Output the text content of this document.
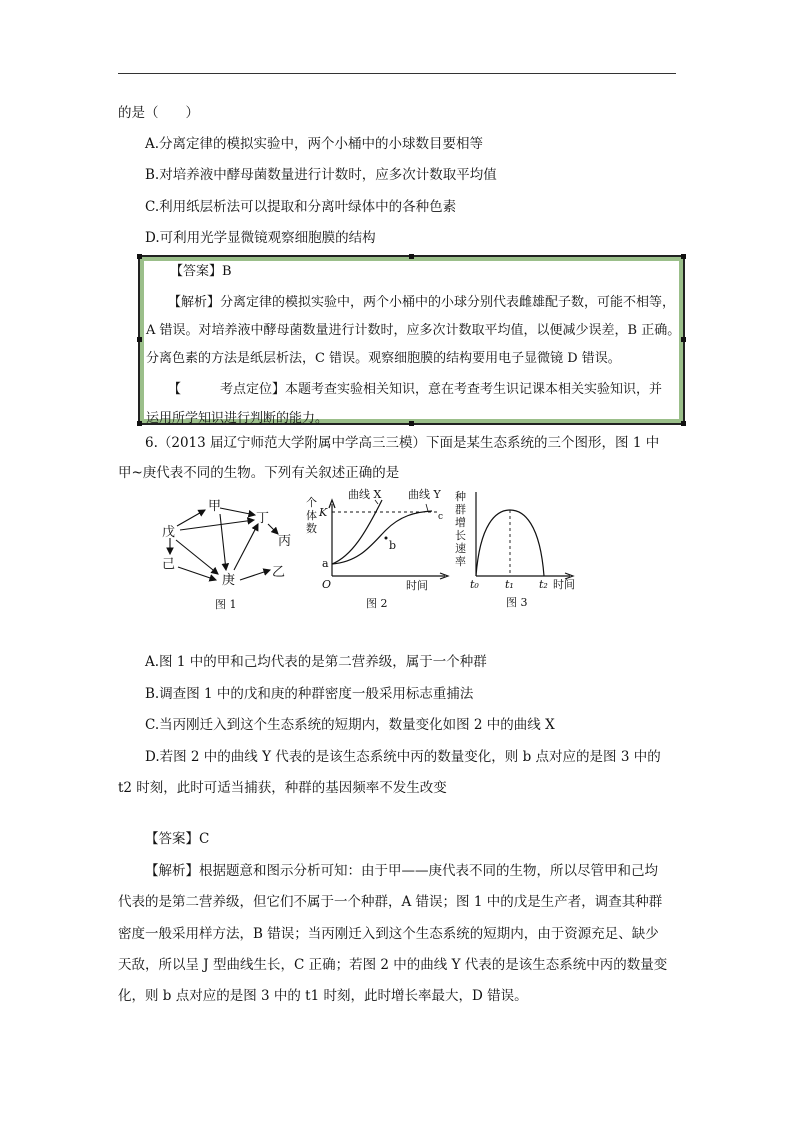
的是（　　）
A.分离定律的模拟实验中，两个小桶中的小球数目要相等
B.对培养液中酵母菌数量进行计数时，应多次计数取平均值
C.利用纸层析法可以提取和分离叶绿体中的各种色素
D.可利用光学显微镜观察细胞膜的结构
【答案】B
【解析】分离定律的模拟实验中，两个小桶中的小球分别代表雌雄配子数，可能不相等，
A 错误。对培养液中酵母菌数量进行计数时，应多次计数取平均值，以便减少误差，B 正确。
分离色素的方法是纸层析法，C 错误。观察细胞膜的结构要用电子显微镜 D 错误。
【　　　考点定位】本题考查实验相关知识，意在考查考生识记课本相关实验知识，并
运用所学知识进行判断的能力。
6.（2013 届辽宁师范大学附属中学高三三模）下面是某生态系统的三个图形，图 1 中
甲~庚代表不同的生物。下列有关叙述正确的是
甲
丁
丙
戊
己
庚
乙
图 1
曲线 X 曲线 Y
个
体
数
K
a
b
c
O	时间
图 2
种
群
增
长
速
率
t₀ t₁ t₂ 时间
图 3
A.图 1 中的甲和己均代表的是第二营养级，属于一个种群
B.调查图 1 中的戊和庚的种群密度一般采用标志重捕法
C.当丙刚迁入到这个生态系统的短期内，数量变化如图 2 中的曲线 X
D.若图 2 中的曲线 Y 代表的是该生态系统中丙的数量变化，则 b 点对应的是图 3 中的
t2 时刻，此时可适当捕获，种群的基因频率不发生改变
【答案】C
【解析】根据题意和图示分析可知：由于甲——庚代表不同的生物，所以尽管甲和己均
代表的是第二营养级，但它们不属于一个种群，A 错误；图 1 中的戊是生产者，调查其种群
密度一般采用样方法，B 错误；当丙刚迁入到这个生态系统的短期内，由于资源充足、缺少
天敌，所以呈 J 型曲线生长，C 正确；若图 2 中的曲线 Y 代表的是该生态系统中丙的数量变
化，则 b 点对应的是图 3 中的 t1 时刻，此时增长率最大，D 错误。
